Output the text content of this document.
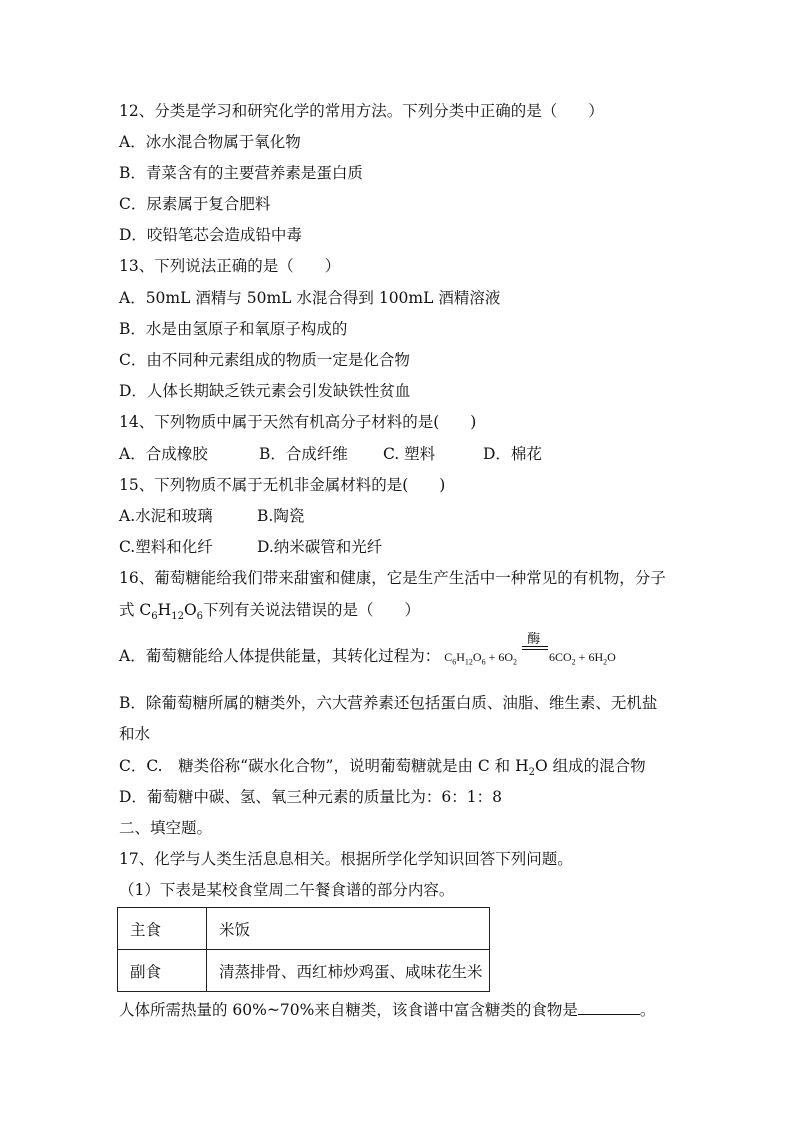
12、分类是学习和研究化学的常用方法。下列分类中正确的是（　　）
A．冰水混合物属于氧化物
B．青菜含有的主要营养素是蛋白质
C．尿素属于复合肥料
D．咬铅笔芯会造成铅中毒
13、下列说法正确的是（　　）
A．50mL 酒精与 50mL 水混合得到 100mL 酒精溶液
B．水是由氢原子和氧原子构成的
C．由不同种元素组成的物质一定是化合物
D．人体长期缺乏铁元素会引发缺铁性贫血
14、下列物质中属于天然有机高分子材料的是(　　)
A．合成橡胶	B．合成纤维 C. 塑料	D．棉花
15、下列物质不属于无机非金属材料的是(　　)
A.水泥和玻璃	B.陶瓷
C.塑料和化纤	D.纳米碳管和光纤
16、葡萄糖能给我们带来甜蜜和健康，它是生产生活中一种常见的有机物，分子
式 $C_6H_{12}O_6$下列有关说法错误的是（　　）
A．葡萄糖能给人体提供能量，其转化过程为： $C_6H_{12}O_6 + 6O_2$  $6CO_2 + 6H_2O$
酶
B．除葡萄糖所属的糖类外，六大营养素还包括蛋白质、油脂、维生素、无机盐
和水
C．C.　糖类俗称“碳水化合物”，说明葡萄糖就是由 C 和 $H_2O$ 组成的混合物
D．葡萄糖中碳、氢、氧三种元素的质量比为：6：1：8
二、填空题。
17、化学与人类生活息息相关。根据所学化学知识回答下列问题。
（1）下表是某校食堂周二午餐食谱的部分内容。
主食	米饭
副食	清蒸排骨、西红柿炒鸡蛋、咸味花生米
人体所需热量的 60%~70%来自糖类，该食谱中富含糖类的食物是	。
